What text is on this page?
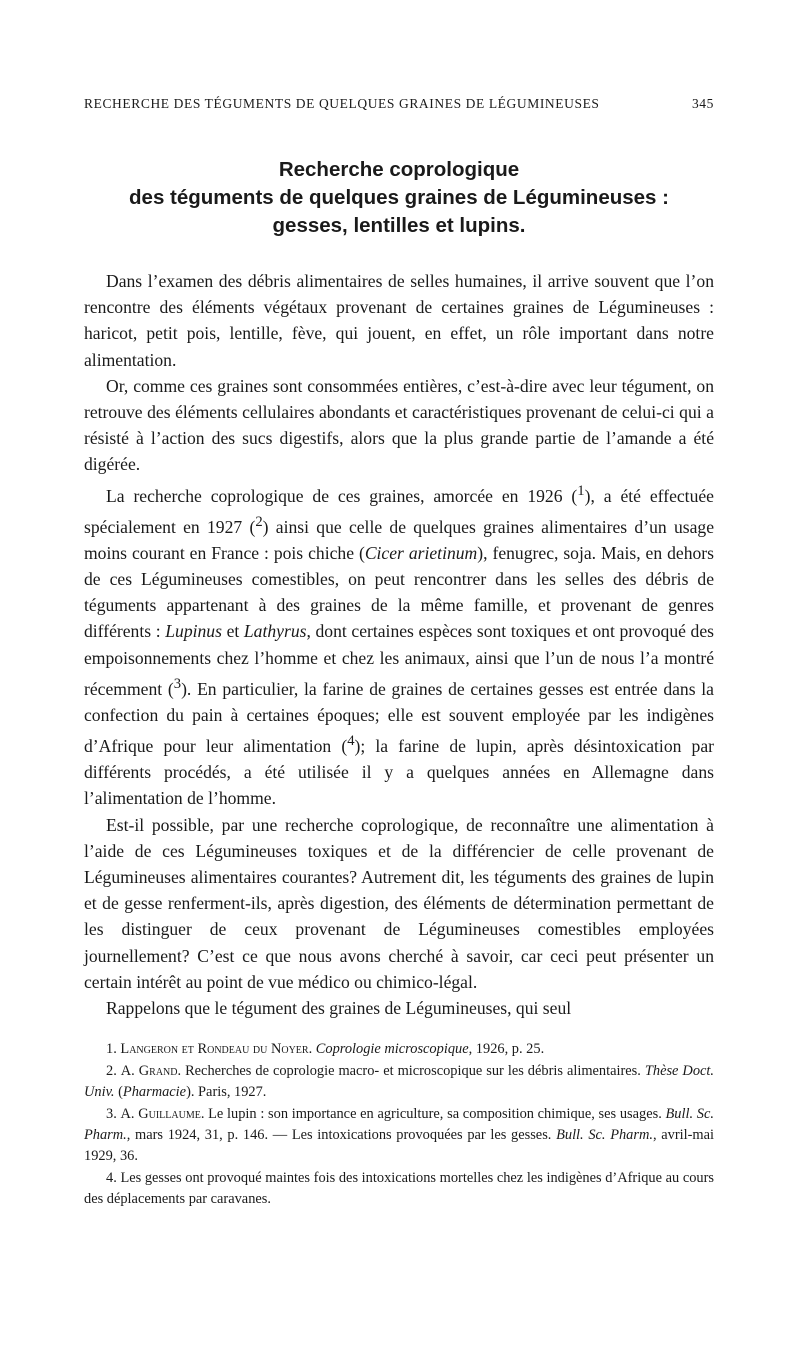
RECHERCHE DES TÉGUMENTS DE QUELQUES GRAINES DE LÉGUMINEUSES	345
Recherche coprologique
des téguments de quelques graines de Légumineuses :
gesses, lentilles et lupins.

Dans l’examen des débris alimentaires de selles humaines, il arrive souvent que l’on rencontre des éléments végétaux provenant de certaines graines de Légumineuses : haricot, petit pois, lentille, fève, qui jouent, en effet, un rôle important dans notre alimentation.

Or, comme ces graines sont consommées entières, c’est-à-dire avec leur tégument, on retrouve des éléments cellulaires abondants et caractéristiques provenant de celui-ci qui a résisté à l’action des sucs digestifs, alors que la plus grande partie de l’amande a été digérée.

La recherche coprologique de ces graines, amorcée en 1926 ($^1$), a été effectuée spécialement en 1927 ($^2$) ainsi que celle de quelques graines alimentaires d’un usage moins courant en France : pois chiche (Cicer arietinum), fenugrec, soja. Mais, en dehors de ces Légumineuses comestibles, on peut rencontrer dans les selles des débris de téguments appartenant à des graines de la même famille, et provenant de genres différents : Lupinus et Lathyrus, dont certaines espèces sont toxiques et ont provoqué des empoisonnements chez l’homme et chez les animaux, ainsi que l’un de nous l’a montré récemment ($^3$). En particulier, la farine de graines de certaines gesses est entrée dans la confection du pain à certaines époques; elle est souvent employée par les indigènes d’Afrique pour leur alimentation ($^4$); la farine de lupin, après désintoxication par différents procédés, a été utilisée il y a quelques années en Allemagne dans l’alimentation de l’homme.

Est-il possible, par une recherche coprologique, de reconnaître une alimentation à l’aide de ces Légumineuses toxiques et de la différencier de celle provenant de Légumineuses alimentaires courantes? Autrement dit, les téguments des graines de lupin et de gesse renferment-ils, après digestion, des éléments de détermination permettant de les distinguer de ceux provenant de Légumineuses comestibles employées journellement? C’est ce que nous avons cherché à savoir, car ceci peut présenter un certain intérêt au point de vue médico ou chimico-légal.

Rappelons que le tégument des graines de Légumineuses, qui seul

1. Langeron et Rondeau du Noyer. Coprologie microscopique, 1926, p. 25.

2. A. Grand. Recherches de coprologie macro- et microscopique sur les débris alimentaires. Thèse Doct. Univ. (Pharmacie). Paris, 1927.

3. A. Guillaume. Le lupin : son importance en agriculture, sa composition chimique, ses usages. Bull. Sc. Pharm., mars 1924, 31, p. 146. — Les intoxications provoquées par les gesses. Bull. Sc. Pharm., avril-mai 1929, 36.

4. Les gesses ont provoqué maintes fois des intoxications mortelles chez les indigènes d’Afrique au cours des déplacements par caravanes.
